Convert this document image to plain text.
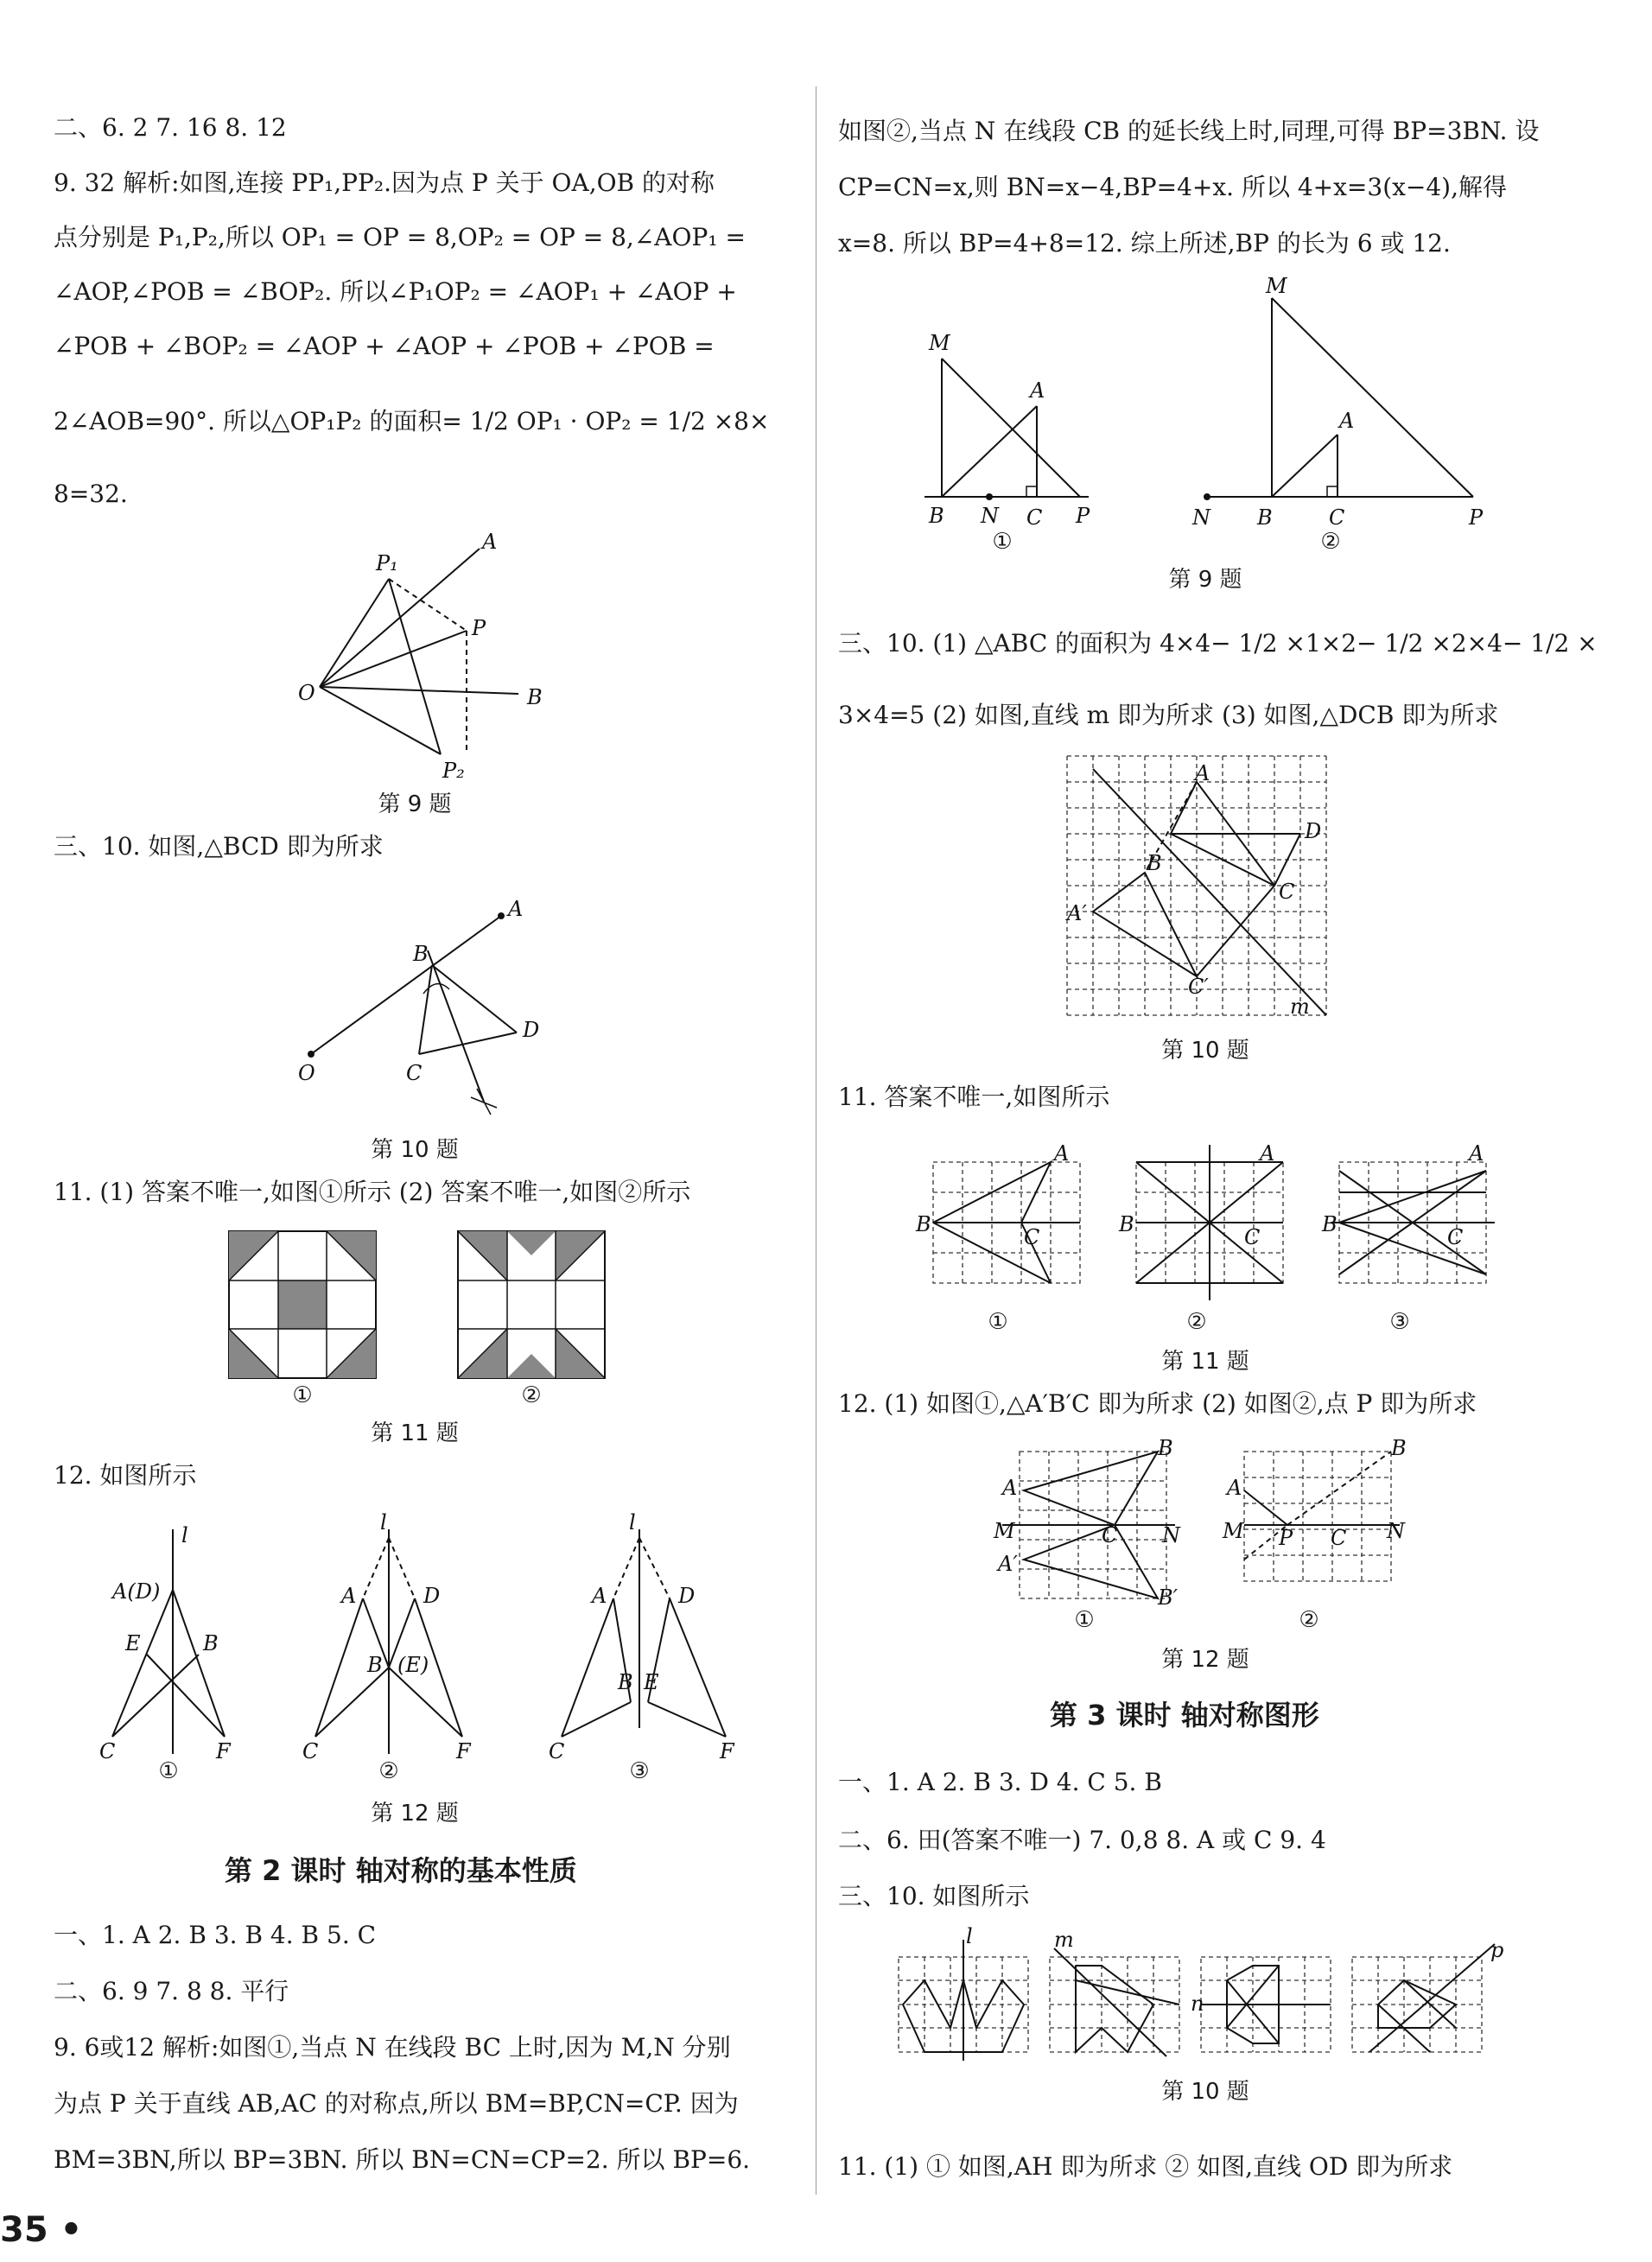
二、6. 2 7. 16 8. 12
9. 32 解析:如图,连接 PP₁,PP₂.因为点 P 关于 OA,OB 的对称
点分别是 P₁,P₂,所以 OP₁ = OP = 8,OP₂ = OP = 8,∠AOP₁ =
∠AOP,∠POB = ∠BOP₂. 所以∠P₁OP₂ = ∠AOP₁ + ∠AOP +
∠POB + ∠BOP₂ = ∠AOP + ∠AOP + ∠POB + ∠POB =
2∠AOB=90°. 所以△OP₁P₂ 的面积= 1/2 OP₁ · OP₂ = 1/2 ×8×
8=32.
P₁
A
P
O	B
P₂
第 9 题
三、10. 如图,△BCD 即为所求
A
B
D
C
O
第 10 题
11. (1) 答案不唯一,如图①所示 (2) 答案不唯一,如图②所示
①	②
第 11 题
12. 如图所示
A(D)
l
E	B
C	F
l
A	D
B (E)
C	F
l
A	D
B E
C	F
①	②	③
第 12 题
第 2 课时 轴对称的基本性质
一、1. A 2. B 3. B 4. B 5. C
二、6. 9 7. 8 8. 平行
9. 6或12 解析:如图①,当点 N 在线段 BC 上时,因为 M,N 分别
为点 P 关于直线 AB,AC 的对称点,所以 BM=BP,CN=CP. 因为
BM=3BN,所以 BP=3BN. 所以 BN=CN=CP=2. 所以 BP=6.
如图②,当点 N 在线段 CB 的延长线上时,同理,可得 BP=3BN. 设
CP=CN=x,则 BN=x−4,BP=4+x. 所以 4+x=3(x−4),解得
x=8. 所以 BP=4+8=12. 综上所述,BP 的长为 6 或 12.
M
A
B N C P
M
A
N B	C	P
①	②
第 9 题
三、10. (1) △ABC 的面积为 4×4− 1/2 ×1×2− 1/2 ×2×4− 1/2 ×
3×4=5 (2) 如图,直线 m 即为所求 (3) 如图,△DCB 即为所求
A
D
B
C
A′
C′
m
第 10 题
11. 答案不唯一,如图所示
B
A
C
B
A
C
B
A
C
①	②	③
第 11 题
12. (1) 如图①,△A′B′C 即为所求 (2) 如图②,点 P 即为所求
A
B
M	C N
A′
B′
A
B
M P C N
①	②
第 12 题
第 3 课时 轴对称图形
一、1. A 2. B 3. D 4. C 5. B
二、6. 田(答案不唯一) 7. 0,8 8. A 或 C 9. 4
三、10. 如图所示
l	m
n
p
第 10 题
11. (1) ① 如图,AH 即为所求 ② 如图,直线 OD 即为所求
35 •
